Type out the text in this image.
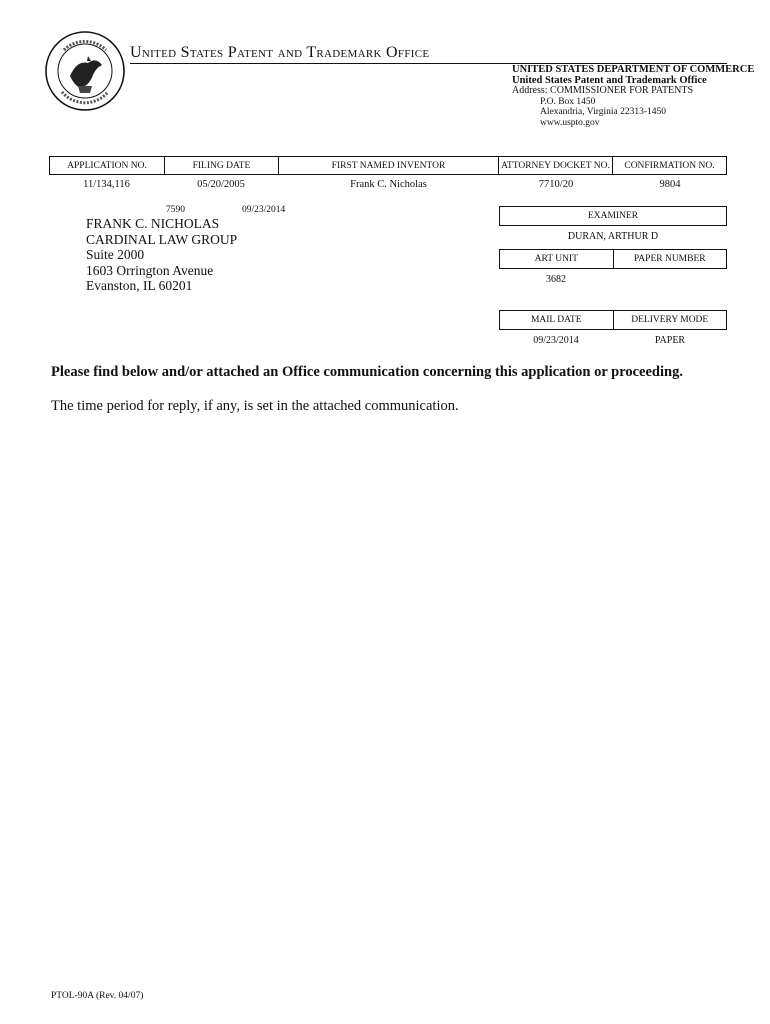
United States Patent and Trademark Office
UNITED STATES DEPARTMENT OF COMMERCE
United States Patent and Trademark Office
Address: COMMISSIONER FOR PATENTS
P.O. Box 1450
Alexandria, Virginia 22313-1450
www.uspto.gov
APPLICATION NO.	FILING DATE	FIRST NAMED INVENTOR	ATTORNEY DOCKET NO.	CONFIRMATION NO.
11/134,116	05/20/2005	Frank C. Nicholas	7710/20	9804
7590	09/23/2014
FRANK C. NICHOLAS
CARDINAL LAW GROUP
Suite 2000
1603 Orrington Avenue
Evanston, IL 60201
EXAMINER
DURAN, ARTHUR D
ART UNIT	PAPER NUMBER
3682
MAIL DATE	DELIVERY MODE
09/23/2014	PAPER
Please find below and/or attached an Office communication concerning this application or proceeding.
The time period for reply, if any, is set in the attached communication.
PTOL-90A (Rev. 04/07)
